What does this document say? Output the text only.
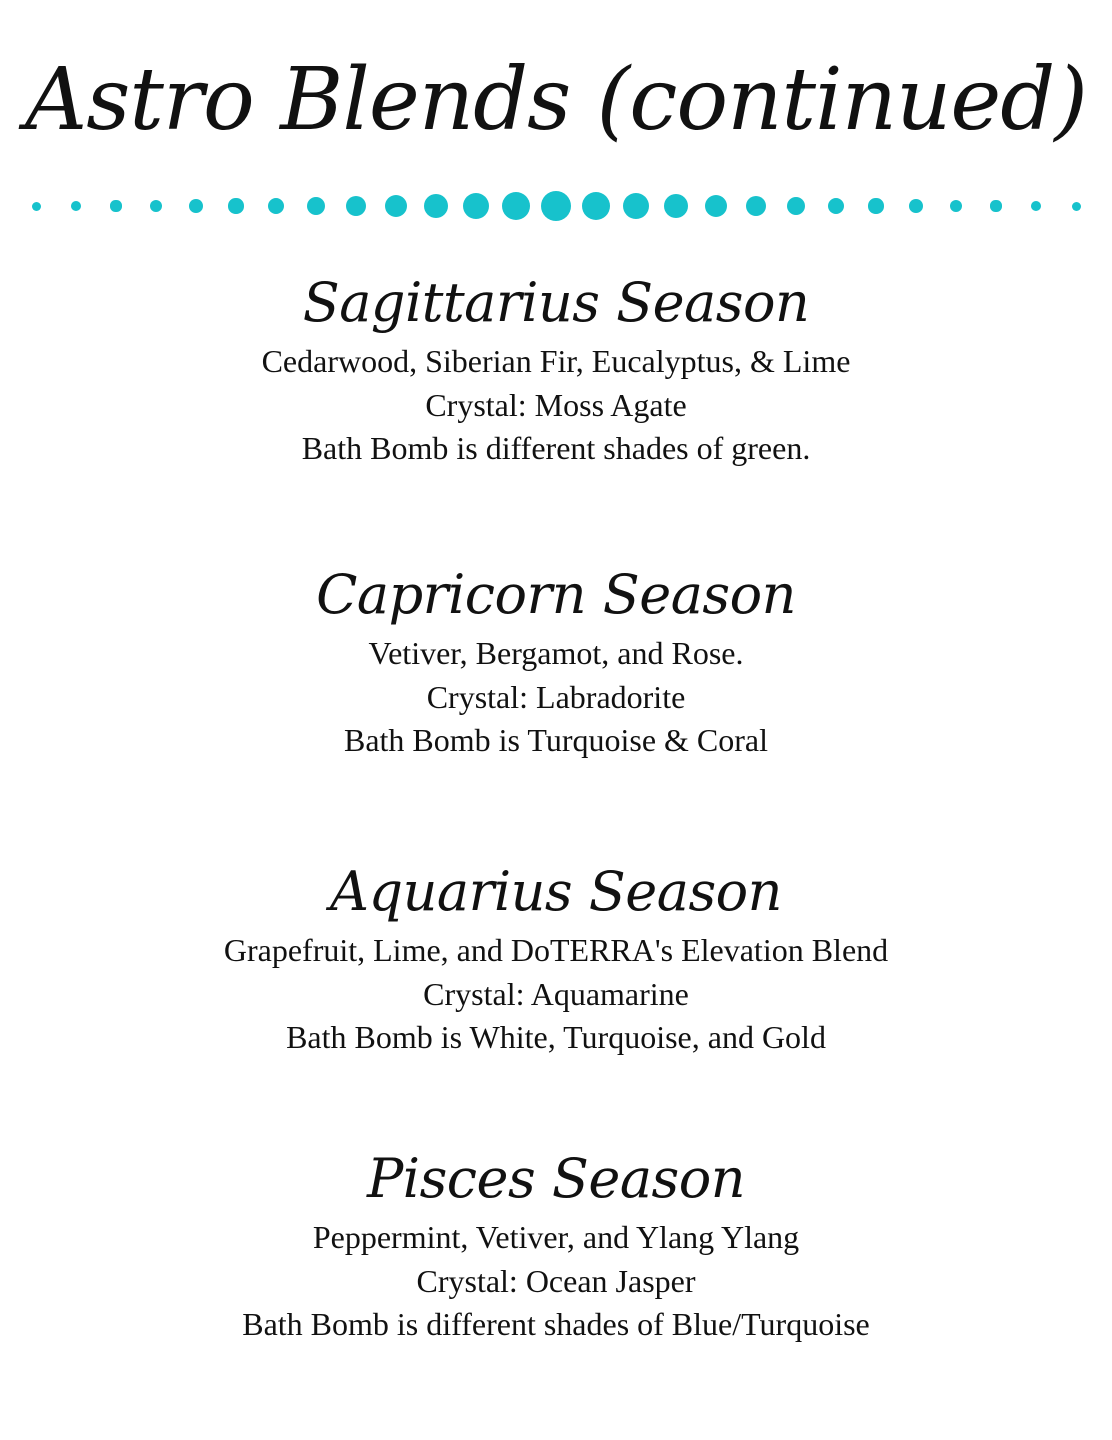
Astro Blends (continued)
Sagittarius Season
Cedarwood, Siberian Fir, Eucalyptus, & Lime
Crystal: Moss Agate
Bath Bomb is different shades of green.
Capricorn Season
Vetiver, Bergamot, and Rose.
Crystal: Labradorite
Bath Bomb is Turquoise & Coral
Aquarius Season
Grapefruit, Lime, and DoTERRA's Elevation Blend
Crystal: Aquamarine
Bath Bomb is White, Turquoise, and Gold
Pisces Season
Peppermint, Vetiver, and Ylang Ylang
Crystal: Ocean Jasper
Bath Bomb is different shades of Blue/Turquoise
